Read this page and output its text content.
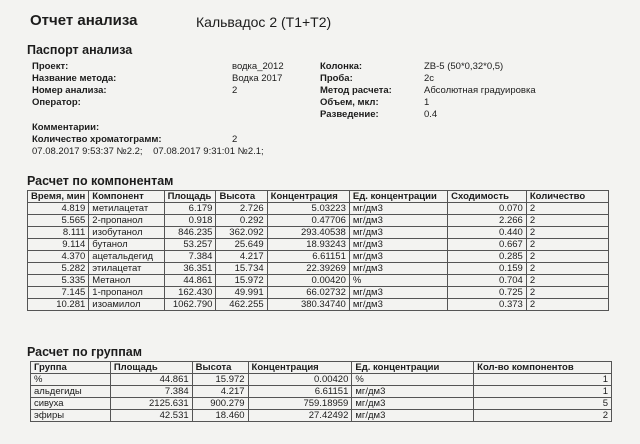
Отчет анализа	Кальвадос 2 (Т1+Т2)
Паспорт анализа
Проект:	водка_2012
Название метода:	Водка 2017
Номер анализа:	2
Оператор:
Колонка:	ZB-5 (50*0,32*0,5)
Проба:	2c
Метод расчета:	Абсолютная градуировка
Объем, мкл:	1
Разведение:	0.4
Комментарии:
Количество хроматограмм:	2
07.08.2017 9:53:37 №2.2;    07.08.2017 9:31:01 №2.1;
Расчет по компонентам
Время, мин	Компонент	Площадь	Высота	Концентрация	Ед. концентрации	Сходимость	Количество
4.819	метилацетат	6.179	2.726	5.03223	мг/дм3	0.070	2
5.565	2-пропанол	0.918	0.292	0.47706	мг/дм3	2.266	2
8.111	изобутанол	846.235	362.092	293.40538	мг/дм3	0.440	2
9.114	бутанол	53.257	25.649	18.93243	мг/дм3	0.667	2
4.370	ацетальдегид	7.384	4.217	6.61151	мг/дм3	0.285	2
5.282	этилацетат	36.351	15.734	22.39269	мг/дм3	0.159	2
5.335	Метанол	44.861	15.972	0.00420	%	0.704	2
7.145	1-пропанол	162.430	49.991	66.02732	мг/дм3	0.725	2
10.281	изоамилол	1062.790	462.255	380.34740	мг/дм3	0.373	2
Расчет по группам
Группа	Площадь	Высота	Концентрация	Ед. концентрации	Кол-во компонентов
%	44.861	15.972	0.00420	%	1
альдегиды	7.384	4.217	6.61151	мг/дм3	1
сивуха	2125.631	900.279	759.18959	мг/дм3	5
эфиры	42.531	18.460	27.42492	мг/дм3	2
